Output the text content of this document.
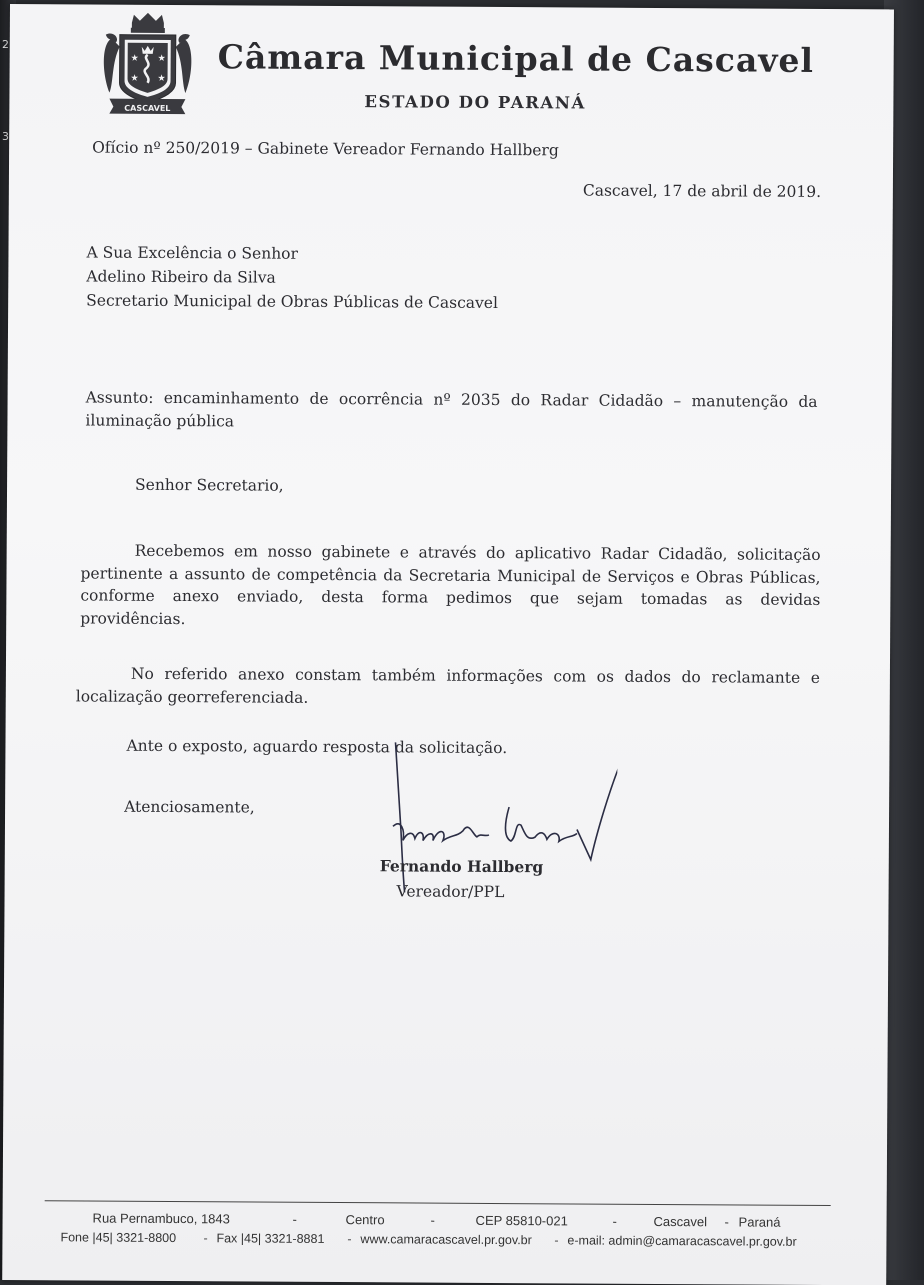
2
3
★ ★
★ ★
CASCAVEL
Câmara Municipal de Cascavel
ESTADO DO PARANÁ
Ofício nº 250/2019 – Gabinete Vereador Fernando Hallberg
Cascavel, 17 de abril de 2019.
A Sua Excelência o Senhor
Adelino Ribeiro da Silva
Secretario Municipal de Obras Públicas de Cascavel
Assunto: encaminhamento de ocorrência nº 2035 do Radar Cidadão – manutenção da
iluminação pública
Senhor Secretario,
Recebemos em nosso gabinete e através do aplicativo Radar Cidadão, solicitação
pertinente a assunto de competência da Secretaria Municipal de Serviços e Obras Públicas,
conforme anexo enviado, desta forma pedimos que sejam tomadas as devidas
providências.
No referido anexo constam também informações com os dados do reclamante e
localização georreferenciada.
Ante o exposto, aguardo resposta da solicitação.
Atenciosamente,
Fernando Hallberg
Vereador/PPL
Rua Pernambuco, 1843	-	Centro	-	CEP 85810-021	-	Cascavel - Paraná
Fone |45| 3321-8800 - Fax |45| 3321-8881 - www.camaracascavel.pr.gov.br - e-mail: admin@camaracascavel.pr.gov.br
